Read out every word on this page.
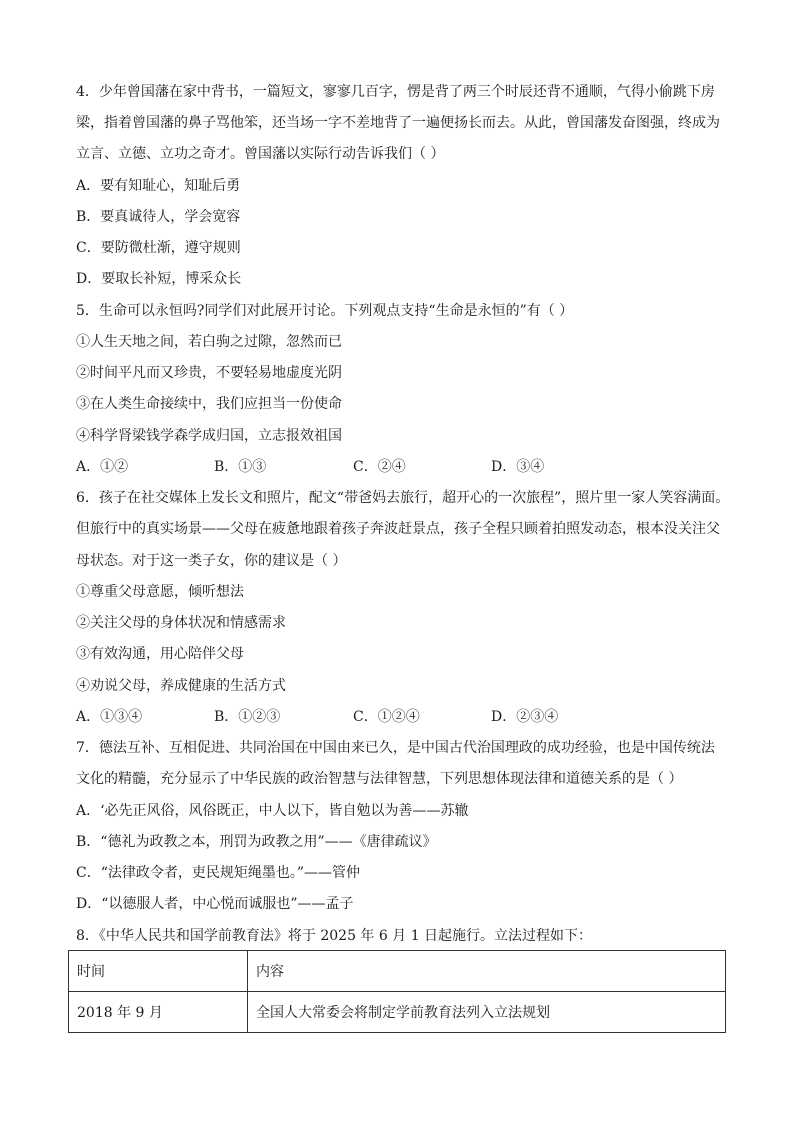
4．少年曾国藩在家中背书，一篇短文，寥寥几百字，愣是背了两三个时辰还背不通顺，气得小偷跳下房
梁，指着曾国藩的鼻子骂他笨，还当场一字不差地背了一遍便扬长而去。从此，曾国藩发奋图强，终成为
立言、立德、立功之奇才。曾国藩以实际行动告诉我们（ ）
A．要有知耻心，知耻后勇
B．要真诚待人，学会宽容
C．要防微杜渐，遵守规则
D．要取长补短，博采众长
5．生命可以永恒吗?同学们对此展开讨论。下列观点支持“生命是永恒的”有（ ）
①人生天地之间，若白驹之过隙，忽然而已
②时间平凡而又珍贵，不要轻易地虚度光阴
③在人类生命接续中，我们应担当一份使命
④科学肾梁钱学森学成归国，立志报效祖国
A．①②	B．①③	C．②④	D．③④
6．孩子在社交媒体上发长文和照片，配文“带爸妈去旅行，超开心的一次旅程”，照片里一家人笑容满面。
但旅行中的真实场景——父母在疲惫地跟着孩子奔波赶景点，孩子全程只顾着拍照发动态，根本没关注父
母状态。对于这一类子女，你的建议是（ ）
①尊重父母意愿，倾听想法
②关注父母的身体状况和情感需求
③有效沟通，用心陪伴父母
④劝说父母，养成健康的生活方式
A．①③④	B．①②③	C．①②④	D．②③④
7．德法互补、互相促进、共同治国在中国由来已久，是中国古代治国理政的成功经验，也是中国传统法
文化的精髓，充分显示了中华民族的政治智慧与法律智慧，下列思想体现法律和道德关系的是（ ）
A．‘必先正风俗，风俗既正，中人以下，皆自勉以为善——苏辙
B．“德礼为政教之本，刑罚为政教之用”——《唐律疏议》
C．“法律政令者，吏民规矩绳墨也。”——管仲
D．“以德服人者，中心悦而诚服也”——孟子
8．《中华人民共和国学前教育法》将于 2025 年 6 月 1 日起施行。立法过程如下：
时间	内容
2018 年 9 月	全国人大常委会将制定学前教育法列入立法规划
